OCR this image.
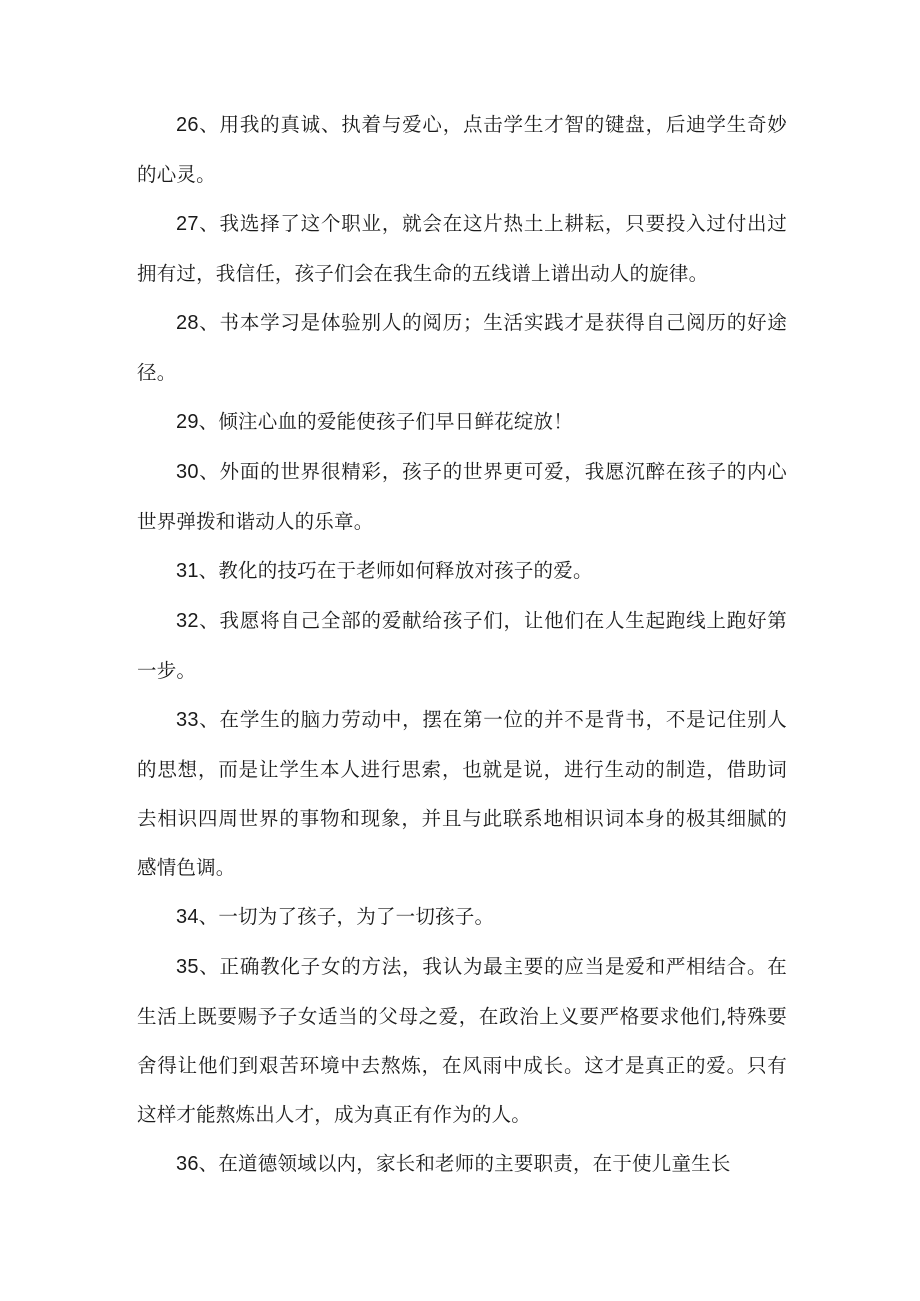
26、用我的真诚、执着与爱心，点击学生才智的键盘，后迪学生奇妙的心灵。

27、我选择了这个职业，就会在这片热土上耕耘，只要投入过付出过拥有过，我信任，孩子们会在我生命的五线谱上谱出动人的旋律。

28、书本学习是体验别人的阅历；生活实践才是获得自己阅历的好途径。

29、倾注心血的爱能使孩子们早日鲜花绽放！

30、外面的世界很精彩，孩子的世界更可爱，我愿沉醉在孩子的内心世界弹拨和谐动人的乐章。

31、教化的技巧在于老师如何释放对孩子的爱。

32、我愿将自己全部的爱献给孩子们，让他们在人生起跑线上跑好第一步。

33、在学生的脑力劳动中，摆在第一位的并不是背书，不是记住别人的思想，而是让学生本人进行思索，也就是说，进行生动的制造，借助词去相识四周世界的事物和现象，并且与此联系地相识词本身的极其细腻的感情色调。

34、一切为了孩子，为了一切孩子。

35、正确教化子女的方法，我认为最主要的应当是爱和严相结合。在生活上既要赐予子女适当的父母之爱，在政治上义要严格要求他们,特殊要舍得让他们到艰苦环境中去熬炼，在风雨中成长。这才是真正的爱。只有这样才能熬炼出人才，成为真正有作为的人。

36、在道德领域以内，家长和老师的主要职责，在于使儿童生长
